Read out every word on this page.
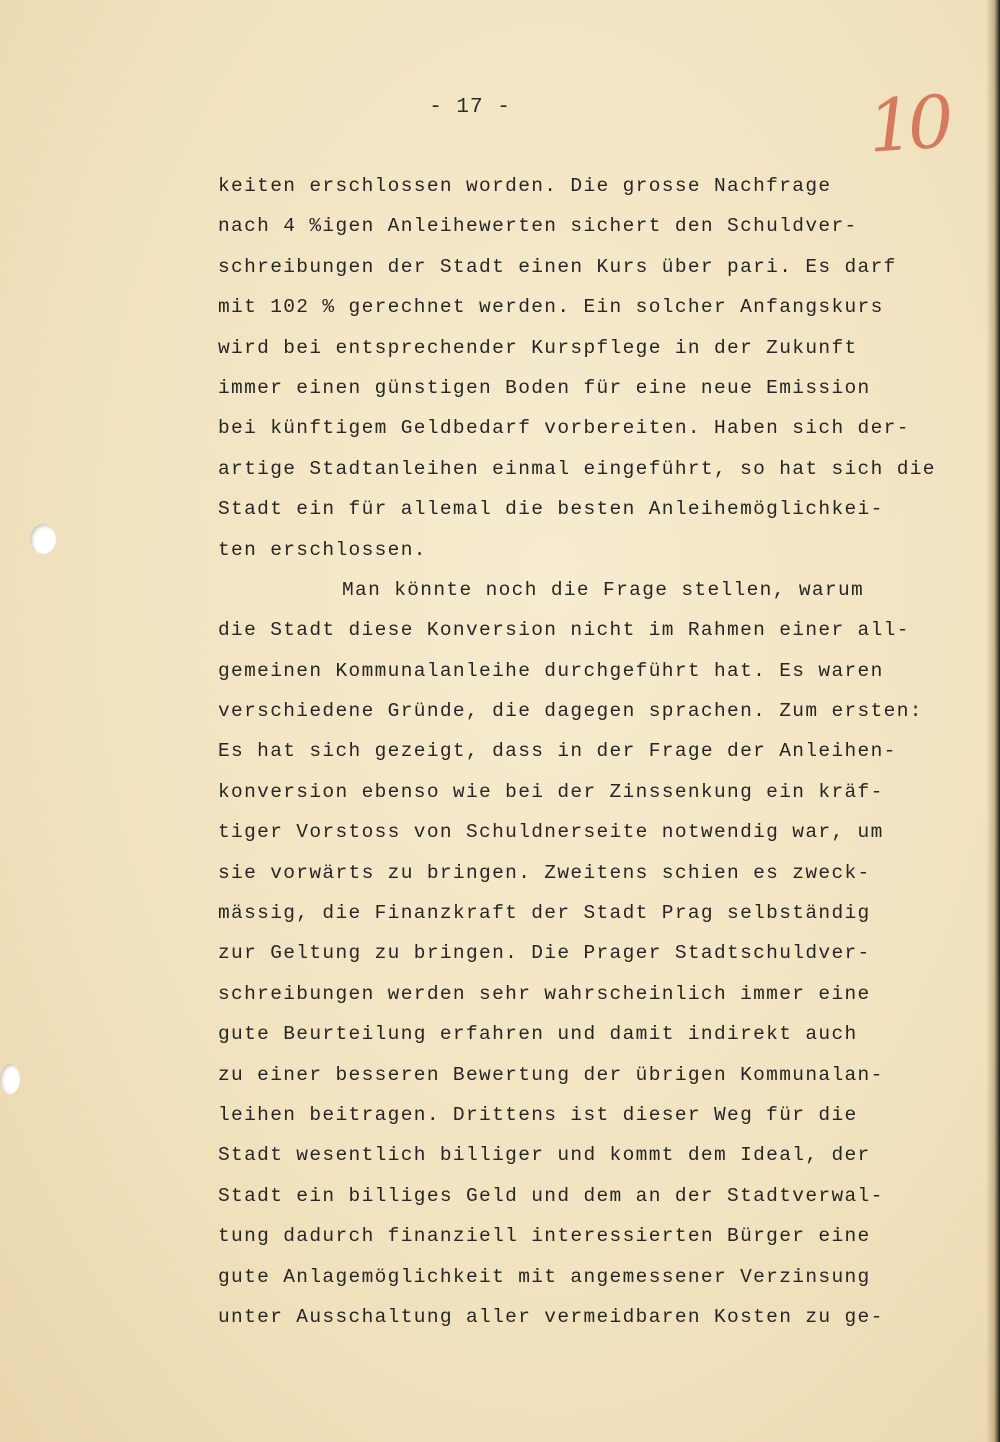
- 17 -	10
keiten erschlossen worden. Die grosse Nachfrage
nach 4 %igen Anleihewerten sichert den Schuldver-
schreibungen der Stadt einen Kurs über pari. Es darf
mit 102 % gerechnet werden. Ein solcher Anfangskurs
wird bei entsprechender Kurspflege in der Zukunft
immer einen günstigen Boden für eine neue Emission
bei künftigem Geldbedarf vorbereiten. Haben sich der-
artige Stadtanleihen einmal eingeführt, so hat sich die
Stadt ein für allemal die besten Anleihemöglichkei-
ten erschlossen.
Man könnte noch die Frage stellen, warum
die Stadt diese Konversion nicht im Rahmen einer all-
gemeinen Kommunalanleihe durchgeführt hat. Es waren
verschiedene Gründe, die dagegen sprachen. Zum ersten:
Es hat sich gezeigt, dass in der Frage der Anleihen-
konversion ebenso wie bei der Zinssenkung ein kräf-
tiger Vorstoss von Schuldnerseite notwendig war, um
sie vorwärts zu bringen. Zweitens schien es zweck-
mässig, die Finanzkraft der Stadt Prag selbständig
zur Geltung zu bringen. Die Prager Stadtschuldver-
schreibungen werden sehr wahrscheinlich immer eine
gute Beurteilung erfahren und damit indirekt auch
zu einer besseren Bewertung der übrigen Kommunalan-
leihen beitragen. Drittens ist dieser Weg für die
Stadt wesentlich billiger und kommt dem Ideal, der
Stadt ein billiges Geld und dem an der Stadtverwal-
tung dadurch finanziell interessierten Bürger eine
gute Anlagemöglichkeit mit angemessener Verzinsung
unter Ausschaltung aller vermeidbaren Kosten zu ge-
